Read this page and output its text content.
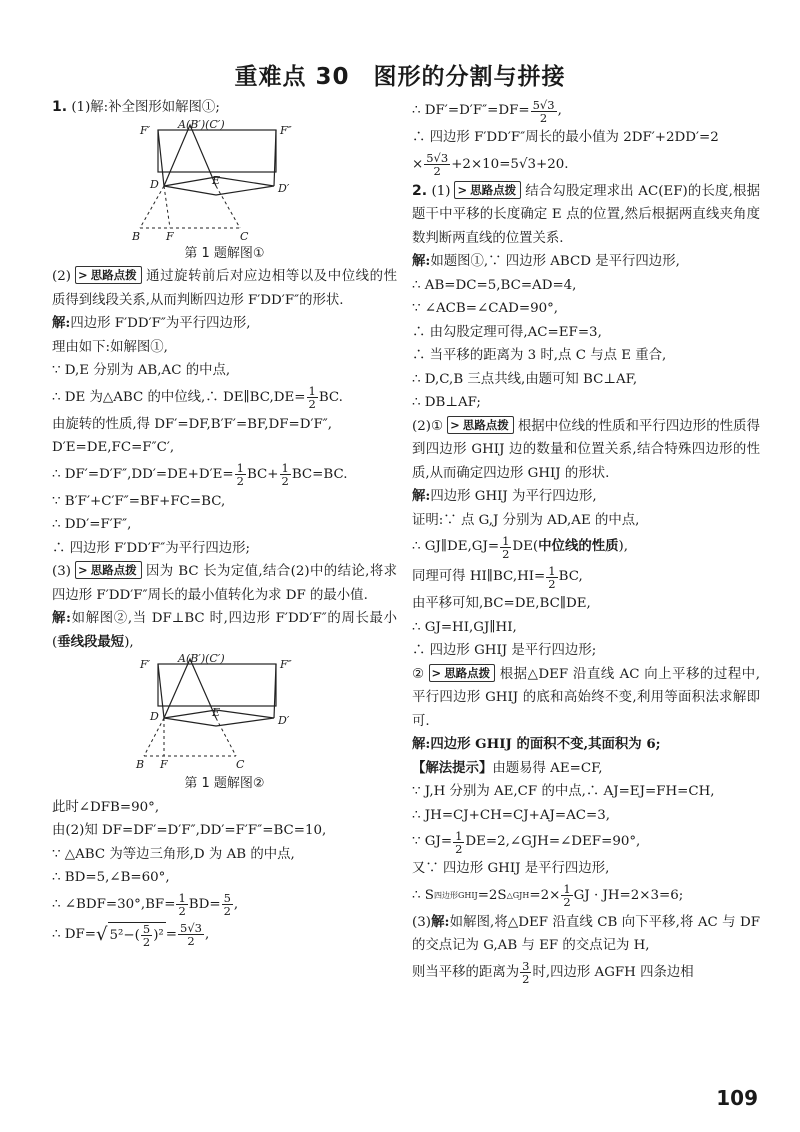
重难点 30　图形的分割与拼接

1. (1)解:补全图形如解图①;

F′	A(B′)(C′)	F″
D	E
D′
B F	C
第 1 题解图①

(2) > 思路点拨 通过旋转前后对应边相等以及中位线的性质得到线段关系,从而判断四边形 F′DD′F″的形状.

解:四边形 F′DD′F″为平行四边形,

理由如下:如解图①,

∵ D,E 分别为 AB,AC 的中点,

∴ DE 为△ABC 的中位线,∴ DE∥BC,DE= $\frac{1}{2}$ BC.

由旋转的性质,得 DF′=DF,B′F′=BF,DF=D′F″,

D′E=DE,FC=F″C′,

∴ $DF'=D'F'',DD'=DE+D'E= \frac{1}{2} BC+ \frac{1}{2} BC=BC$.

∵ B′F′+C′F″=BF+FC=BC,

∴ DD′=F′F″,

∴ 四边形 F′DD′F″为平行四边形;

(3) > 思路点拨 因为 BC 长为定值,结合(2)中的结论,将求四边形 F′DD′F″周长的最小值转化为求 DF 的最小值.

解:如解图②,当 DF⊥BC 时,四边形 F′DD′F″的周长最小(垂线段最短),

F′	A(B′)(C′)	F″
D	E
D′
B F	C
第 1 题解图②

此时∠DFB=90°,

由(2)知 DF=DF′=D′F″,DD′=F′F″=BC=10,

∵ △ABC 为等边三角形,D 为 AB 的中点,

∴ BD=5,∠B=60°,

∴ ∠BDF=30°,BF= $\frac{1}{2} BD= \frac{5}{2}$ ,

∴ DF= √ $5^2-( \frac{5}{2} )^2 = \frac{5√3}{2}$ ,

∴ $DF'=D'F''=DF= \frac{5√3}{2}$ ,

∴ 四边形 F′DD′F″周长的最小值为 2DF′+2DD′=2

× $\frac{5√3}{2} +2\times 10=5√3+20$.

2. (1) > 思路点拨 结合勾股定理求出 AC(EF)的长度,根据题干中平移的长度确定 E 点的位置,然后根据两直线夹角度数判断两直线的位置关系.

解:如题图①,∵ 四边形 ABCD 是平行四边形,

∴ AB=DC=5,BC=AD=4,

∵ ∠ACB=∠CAD=90°,

∴ 由勾股定理可得,AC=EF=3,

∴ 当平移的距离为 3 时,点 C 与点 E 重合,

∴ D,C,B 三点共线,由题可知 BC⊥AF,

∴ DB⊥AF;

(2)① > 思路点拨 根据中位线的性质和平行四边形的性质得到四边形 GHIJ 边的数量和位置关系,结合特殊四边形的性质,从而确定四边形 GHIJ 的形状.

解:四边形 GHIJ 为平行四边形,

证明:∵ 点 G,J 分别为 AD,AE 的中点,

∴ GJ∥DE,GJ= $\frac{1}{2} DE$( 中位线的性质 ),

同理可得 HI∥BC,HI= $\frac{1}{2}$ BC,

由平移可知,BC=DE,BC∥DE,

∴ GJ=HI,GJ∥HI,

∴ 四边形 GHIJ 是平行四边形;

② > 思路点拨 根据△DEF 沿直线 AC 向上平移的过程中,平行四边形 GHIJ 的底和高始终不变,利用等面积法求解即可.

解:四边形 GHIJ 的面积不变,其面积为 6;

【解法提示】由题易得 AE=CF,

∵ J,H 分别为 AE,CF 的中点,∴ AJ=EJ=FH=CH,

∴ JH=CJ+CH=CJ+AJ=AC=3,

∵ $GJ= \frac{1}{2}$ DE=2,∠GJH=∠DEF=90°,

又∵ 四边形 GHIJ 是平行四边形,

∴ S 四边形GHIJ =2S △GJH $=2\times \frac{1}{2}$ GJ · JH=2×3=6;

(3)解:如解图,将△DEF 沿直线 CB 向下平移,将 AC 与 DF 的交点记为 G,AB 与 EF 的交点记为 H,

则当平移的距离为 $\frac{3}{2}$ 时,四边形 AGFH 四条边相

109
